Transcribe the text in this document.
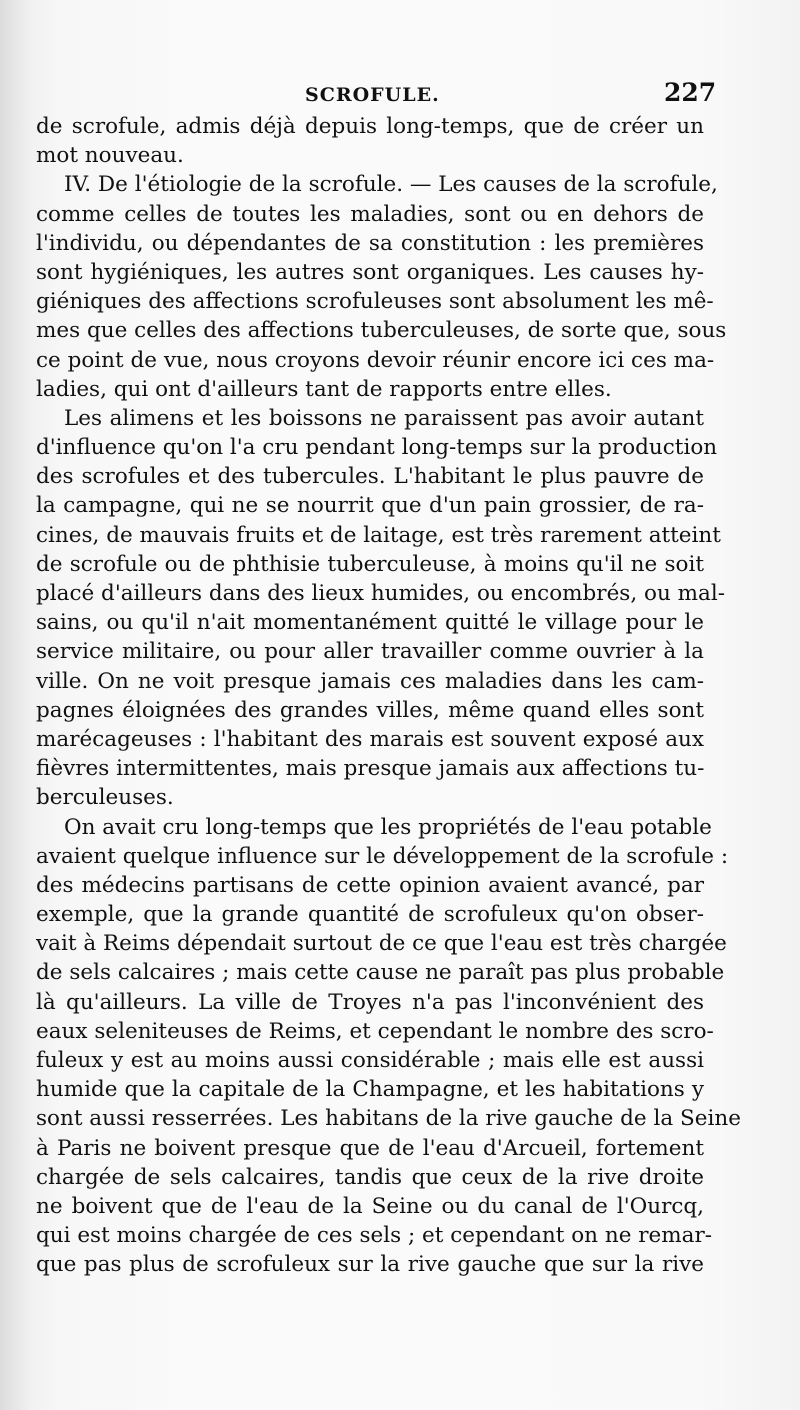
SCROFULE.	227
de scrofule, admis déjà depuis long-temps, que de créer un
mot nouveau.
IV. De l'étiologie de la scrofule. — Les causes de la scrofule,
comme celles de toutes les maladies, sont ou en dehors de
l'individu, ou dépendantes de sa constitution : les premières
sont hygiéniques, les autres sont organiques. Les causes hy-
giéniques des affections scrofuleuses sont absolument les mê-
mes que celles des affections tuberculeuses, de sorte que, sous
ce point de vue, nous croyons devoir réunir encore ici ces ma-
ladies, qui ont d'ailleurs tant de rapports entre elles.
Les alimens et les boissons ne paraissent pas avoir autant
d'influence qu'on l'a cru pendant long-temps sur la production
des scrofules et des tubercules. L'habitant le plus pauvre de
la campagne, qui ne se nourrit que d'un pain grossier, de ra-
cines, de mauvais fruits et de laitage, est très rarement atteint
de scrofule ou de phthisie tuberculeuse, à moins qu'il ne soit
placé d'ailleurs dans des lieux humides, ou encombrés, ou mal-
sains, ou qu'il n'ait momentanément quitté le village pour le
service militaire, ou pour aller travailler comme ouvrier à la
ville. On ne voit presque jamais ces maladies dans les cam-
pagnes éloignées des grandes villes, même quand elles sont
marécageuses : l'habitant des marais est souvent exposé aux
fièvres intermittentes, mais presque jamais aux affections tu-
berculeuses.
On avait cru long-temps que les propriétés de l'eau potable
avaient quelque influence sur le développement de la scrofule :
des médecins partisans de cette opinion avaient avancé, par
exemple, que la grande quantité de scrofuleux qu'on obser-
vait à Reims dépendait surtout de ce que l'eau est très chargée
de sels calcaires ; mais cette cause ne paraît pas plus probable
là qu'ailleurs. La ville de Troyes n'a pas l'inconvénient des
eaux seleniteuses de Reims, et cependant le nombre des scro-
fuleux y est au moins aussi considérable ; mais elle est aussi
humide que la capitale de la Champagne, et les habitations y
sont aussi resserrées. Les habitans de la rive gauche de la Seine
à Paris ne boivent presque que de l'eau d'Arcueil, fortement
chargée de sels calcaires, tandis que ceux de la rive droite
ne boivent que de l'eau de la Seine ou du canal de l'Ourcq,
qui est moins chargée de ces sels ; et cependant on ne remar-
que pas plus de scrofuleux sur la rive gauche que sur la rive
